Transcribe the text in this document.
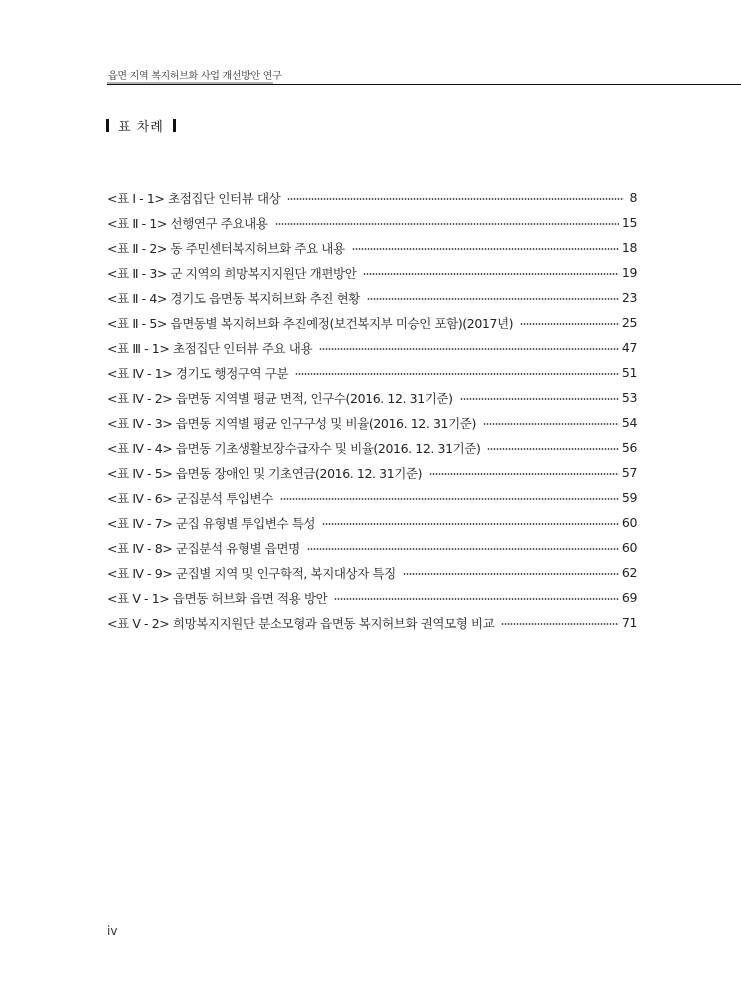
읍면 지역 복지허브화 사업 개선방안 연구
표 차례
<표 Ⅰ - 1> 초점집단 인터뷰 대상	8
<표 Ⅱ - 1> 선행연구 주요내용	15
<표 Ⅱ - 2> 동 주민센터복지허브화 주요 내용	18
<표 Ⅱ - 3> 군 지역의 희망복지지원단 개편방안	19
<표 Ⅱ - 4> 경기도 읍면동 복지허브화 추진 현황	23
<표 Ⅱ - 5> 읍면동별 복지허브화 추진예정(보건복지부 미승인 포함)(2017년)	25
<표 Ⅲ - 1> 초점집단 인터뷰 주요 내용	47
<표 Ⅳ - 1> 경기도 행정구역 구분	51
<표 Ⅳ - 2> 읍면동 지역별 평균 면적, 인구수(2016. 12. 31기준)	53
<표 Ⅳ - 3> 읍면동 지역별 평균 인구구성 및 비율(2016. 12. 31기준)	54
<표 Ⅳ - 4> 읍면동 기초생활보장수급자수 및 비율(2016. 12. 31기준)	56
<표 Ⅳ - 5> 읍면동 장애인 및 기초연금(2016. 12. 31기준)	57
<표 Ⅳ - 6> 군집분석 투입변수	59
<표 Ⅳ - 7> 군집 유형별 투입변수 특성	60
<표 Ⅳ - 8> 군집분석 유형별 읍면명	60
<표 Ⅳ - 9> 군집별 지역 및 인구학적, 복지대상자 특징	62
<표 Ⅴ - 1> 읍면동 허브화 읍면 적용 방안	69
<표 Ⅴ - 2> 희망복지지원단 분소모형과 읍면동 복지허브화 권역모형 비교	71
iv
